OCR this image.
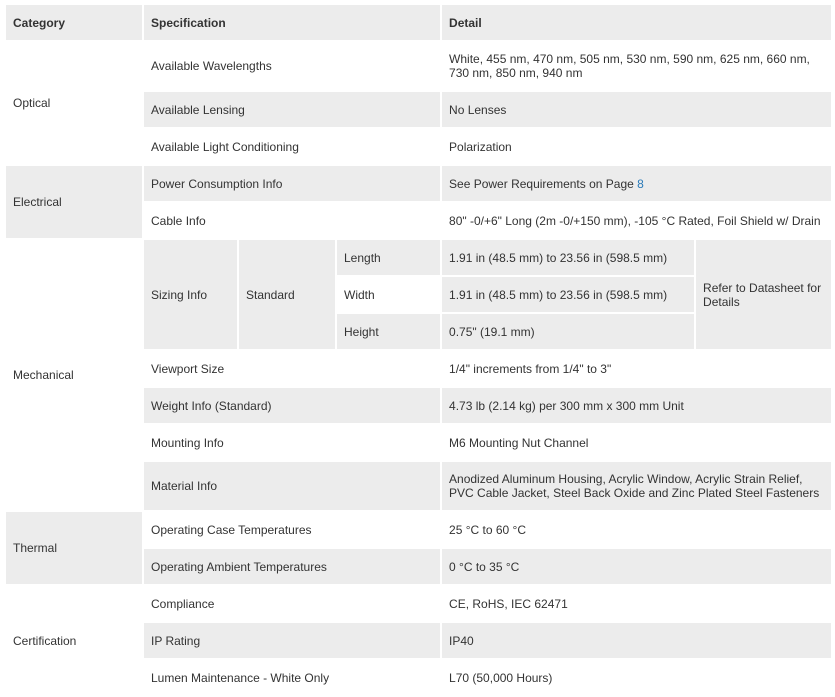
Category	Specification			Detail	
Optical	Available Wavelengths			White, 455 nm, 470 nm, 505 nm, 530 nm, 590 nm, 625 nm, 660 nm, 730 nm, 850 nm, 940 nm	
	Available Lensing			No Lenses	
	Available Light Conditioning			Polarization	
Electrical	Power Consumption Info			See Power Requirements on Page 8	
	Cable Info			80" -0/+6" Long (2m -0/+150 mm), -105 °C Rated, Foil Shield w/ Drain	
Mechanical	Sizing Info	Standard	Length	1.91 in (48.5 mm) to 23.56 in (598.5 mm)	Refer to Datasheet for Details
			Width	1.91 in (48.5 mm) to 23.56 in (598.5 mm)	
			Height	0.75" (19.1 mm)	
	Viewport Size			1/4" increments from 1/4" to 3"	
	Weight Info (Standard)			4.73 lb (2.14 kg) per 300 mm x 300 mm Unit	
	Mounting Info			M6 Mounting Nut Channel	
	Material Info			Anodized Aluminum Housing, Acrylic Window, Acrylic Strain Relief, PVC Cable Jacket, Steel Back Oxide and Zinc Plated Steel Fasteners	
Thermal	Operating Case Temperatures			25 °C to 60 °C	
	Operating Ambient Temperatures			0 °C to 35 °C	
Certification	Compliance			CE, RoHS, IEC 62471	
	IP Rating			IP40	
	Lumen Maintenance - White Only			L70 (50,000 Hours)	
